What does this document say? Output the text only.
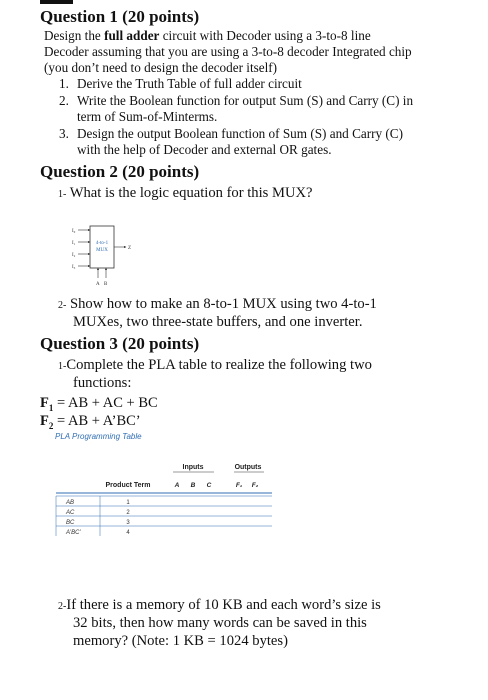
Question 1 (20 points)
Design the full adder circuit with Decoder using a 3-to-8 line
Decoder assuming that you are using a 3-to-8 decoder Integrated chip
(you don’t need to design the decoder itself)
1. Derive the Truth Table of full adder circuit
2. Write the Boolean function for output Sum (S) and Carry (C) in
term of Sum-of-Minterms.
3. Design the output Boolean function of Sum (S) and Carry (C)
with the help of Decoder and external OR gates.
Question 2 (20 points)
1- What is the logic equation for this MUX?
4-to-1
MUX
I₀
I₁
I₂
I₃
Z
A B
2- Show how to make an 8-to-1 MUX using two 4-to-1
MUXes, two three-state buffers, and one inverter.
Question 3 (20 points)
1-Complete the PLA table to realize the following two
functions:
$F_1$ = AB + AC + BC
$F_2$ = AB + A’BC’
PLA Programming Table
Inputs	Outputs
Product Term	A B C	F₁ F₂
AB	1
AC	2
BC	3
A’BC’	4
2-If there is a memory of 10 KB and each word’s size is
32 bits, then how many words can be saved in this
memory? (Note: 1 KB = 1024 bytes)
